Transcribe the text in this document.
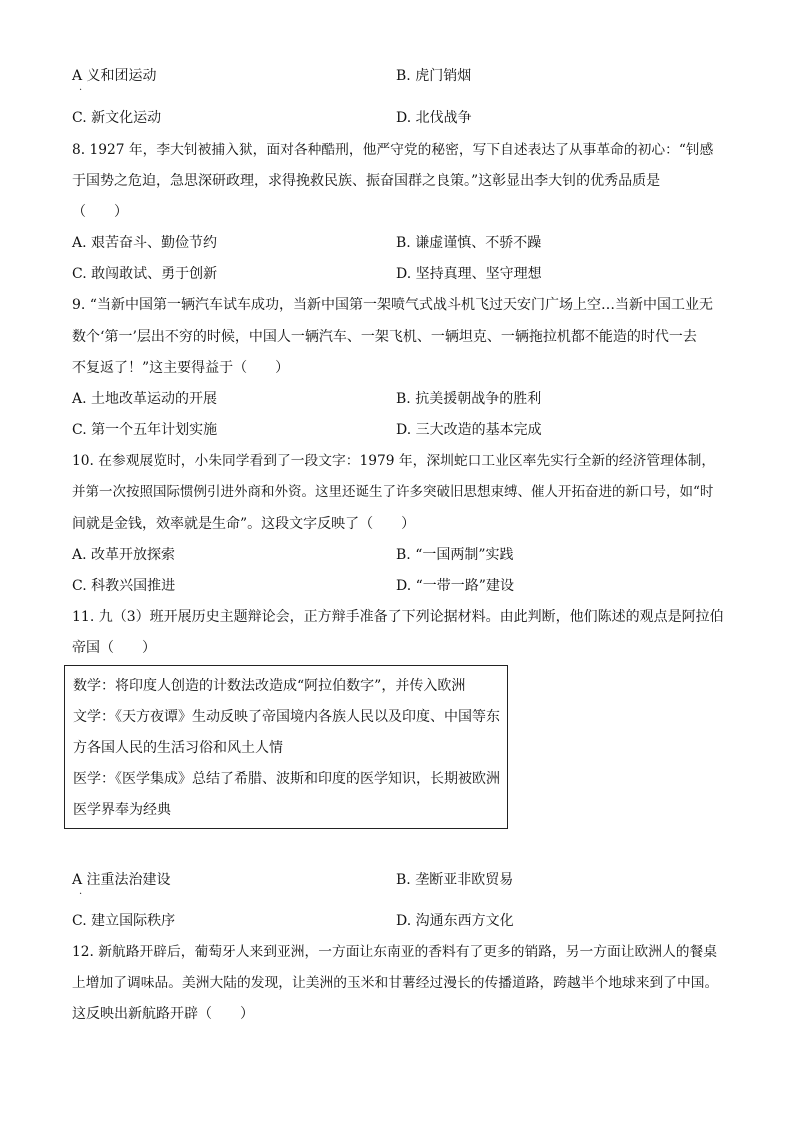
A 义和团运动
·
B. 虎门销烟
C. 新文化运动	D. 北伐战争
8. 1927 年，李大钊被捕入狱，面对各种酷刑，他严守党的秘密，写下自述表达了从事革命的初心：“钊感
于国势之危迫，急思深研政理，求得挽救民族、振奋国群之良策。”这彰显出李大钊的优秀品质是
（　　）
A. 艰苦奋斗、勤俭节约	B. 谦虚谨慎、不骄不躁
C. 敢闯敢试、勇于创新	D. 坚持真理、坚守理想
9. “当新中国第一辆汽车试车成功，当新中国第一架喷气式战斗机飞过天安门广场上空…当新中国工业无
数个‘第一’层出不穷的时候，中国人一辆汽车、一架飞机、一辆坦克、一辆拖拉机都不能造的时代一去
不复返了！”这主要得益于（　　）
A. 土地改革运动的开展	B. 抗美援朝战争的胜利
C. 第一个五年计划实施	D. 三大改造的基本完成
10. 在参观展览时，小朱同学看到了一段文字：1979 年，深圳蛇口工业区率先实行全新的经济管理体制，
并第一次按照国际惯例引进外商和外资。这里还诞生了许多突破旧思想束缚、催人开拓奋进的新口号，如“时
间就是金钱，效率就是生命”。这段文字反映了（　　）
A. 改革开放探索	B. “一国两制”实践
C. 科教兴国推进	D. “一带一路”建设
11. 九（3）班开展历史主题辩论会，正方辩手准备了下列论据材料。由此判断，他们陈述的观点是阿拉伯
帝国（　　）
数学：将印度人创造的计数法改造成“阿拉伯数字”，并传入欧洲
文学：《天方夜谭》生动反映了帝国境内各族人民以及印度、中国等东
方各国人民的生活习俗和风土人情
医学：《医学集成》总结了希腊、波斯和印度的医学知识，长期被欧洲
医学界奉为经典
A 注重法治建设
·
B. 垄断亚非欧贸易
C. 建立国际秩序	D. 沟通东西方文化
12. 新航路开辟后，葡萄牙人来到亚洲，一方面让东南亚的香料有了更多的销路，另一方面让欧洲人的餐桌
上增加了调味品。美洲大陆的发现，让美洲的玉米和甘薯经过漫长的传播道路，跨越半个地球来到了中国。
这反映出新航路开辟（　　）
